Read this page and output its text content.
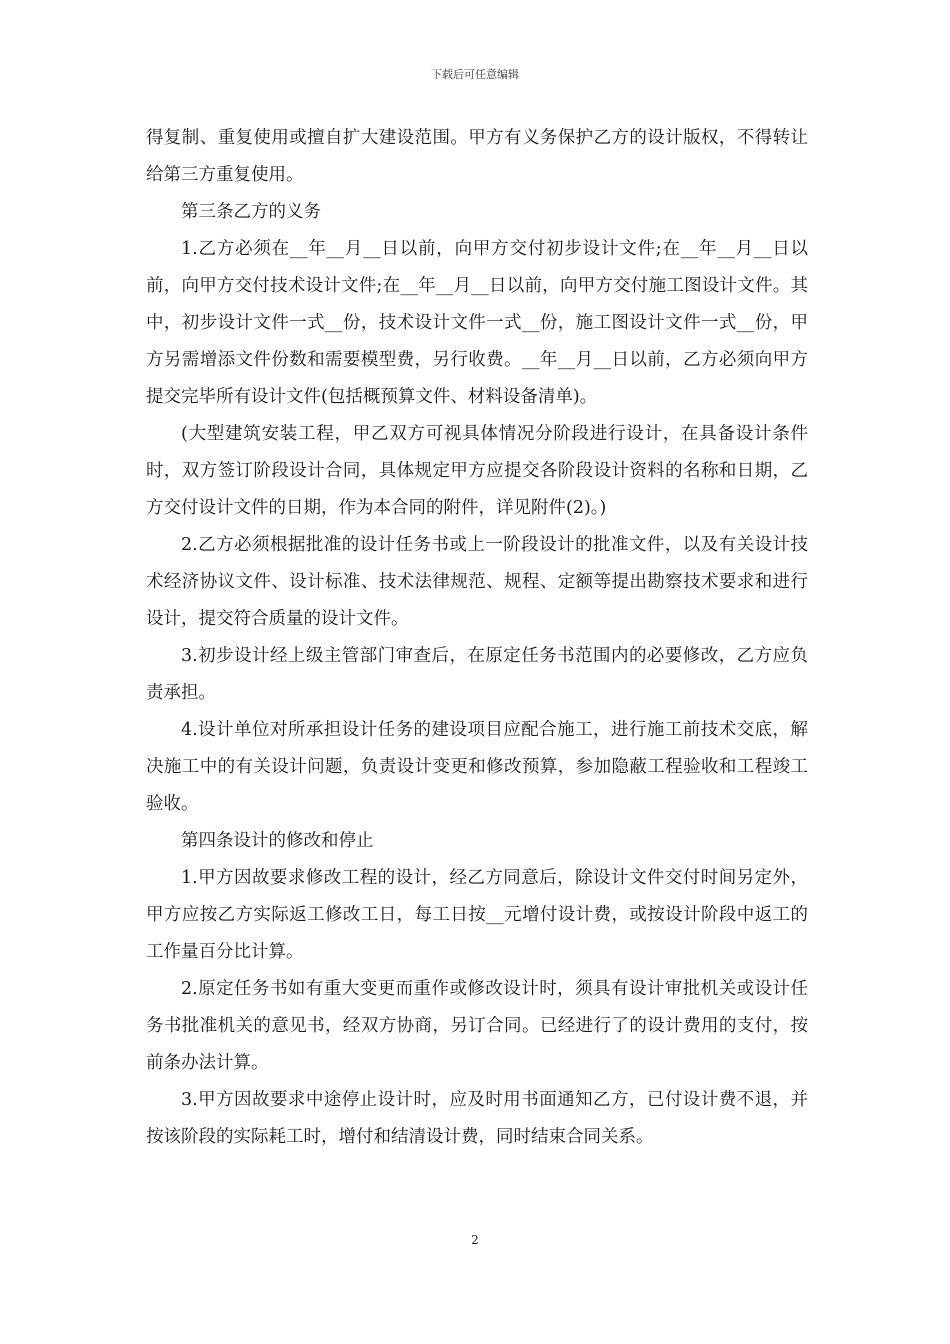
下载后可任意编辑

得复制、重复使用或擅自扩大建设范围。甲方有义务保护乙方的设计版权，不得转让给第三方重复使用。

第三条乙方的义务

1.乙方必须在__年__月__日以前，向甲方交付初步设计文件;在__年__月__日以前，向甲方交付技术设计文件;在__年__月__日以前，向甲方交付施工图设计文件。其中，初步设计文件一式__份，技术设计文件一式__份，施工图设计文件一式__份，甲方另需增添文件份数和需要模型费，另行收费。__年__月__日以前，乙方必须向甲方提交完毕所有设计文件(包括概预算文件、材料设备清单)。

(大型建筑安装工程，甲乙双方可视具体情况分阶段进行设计，在具备设计条件时，双方签订阶段设计合同，具体规定甲方应提交各阶段设计资料的名称和日期，乙方交付设计文件的日期，作为本合同的附件，详见附件(2)。)

2.乙方必须根据批准的设计任务书或上一阶段设计的批准文件，以及有关设计技术经济协议文件、设计标准、技术法律规范、规程、定额等提出勘察技术要求和进行设计，提交符合质量的设计文件。

3.初步设计经上级主管部门审查后，在原定任务书范围内的必要修改，乙方应负责承担。

4.设计单位对所承担设计任务的建设项目应配合施工，进行施工前技术交底，解决施工中的有关设计问题，负责设计变更和修改预算，参加隐蔽工程验收和工程竣工验收。

第四条设计的修改和停止

1.甲方因故要求修改工程的设计，经乙方同意后，除设计文件交付时间另定外，甲方应按乙方实际返工修改工日，每工日按__元增付设计费，或按设计阶段中返工的工作量百分比计算。

2.原定任务书如有重大变更而重作或修改设计时，须具有设计审批机关或设计任务书批准机关的意见书，经双方协商，另订合同。已经进行了的设计费用的支付，按前条办法计算。

3.甲方因故要求中途停止设计时，应及时用书面通知乙方，已付设计费不退，并按该阶段的实际耗工时，增付和结清设计费，同时结束合同关系。

2
